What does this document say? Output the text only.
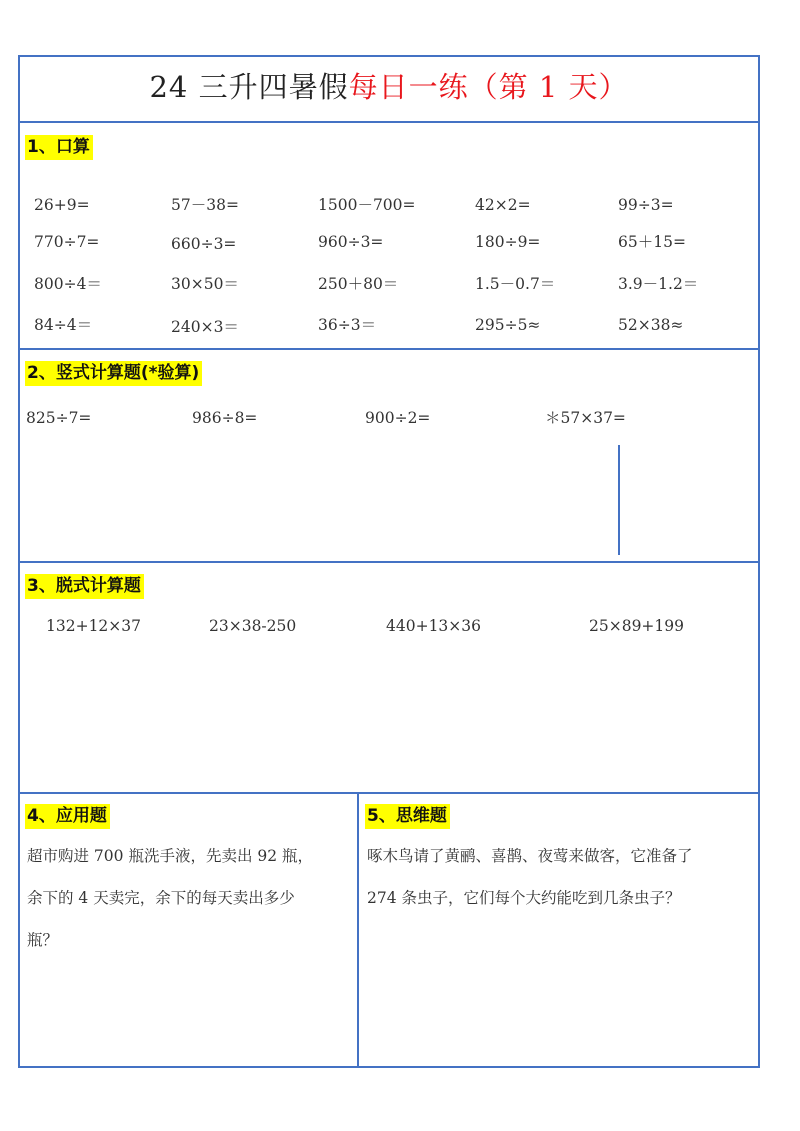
24 三升四暑假每日一练（第 1 天）
1、口算
26+9=	57－38=	1500－700=	42×2=	99÷3=
770÷7=	660÷3=	960÷3=	180÷9=	65＋15=
800÷4＝	30×50＝	250＋80＝	1.5－0.7＝	3.9－1.2＝
84÷4＝	240×3＝	36÷3＝	295÷5≈	52×38≈
2、竖式计算题(*验算)
825÷7=	986÷8=	900÷2=	＊57×37=
3、脱式计算题
132+12×37	23×38-250	440+13×36	25×89+199
4、应用题
超市购进 700 瓶洗手液，先卖出 92 瓶，
余下的 4 天卖完，余下的每天卖出多少
瓶？
5、思维题
啄木鸟请了黄鹂、喜鹊、夜莺来做客，它准备了
274 条虫子，它们每个大约能吃到几条虫子？
